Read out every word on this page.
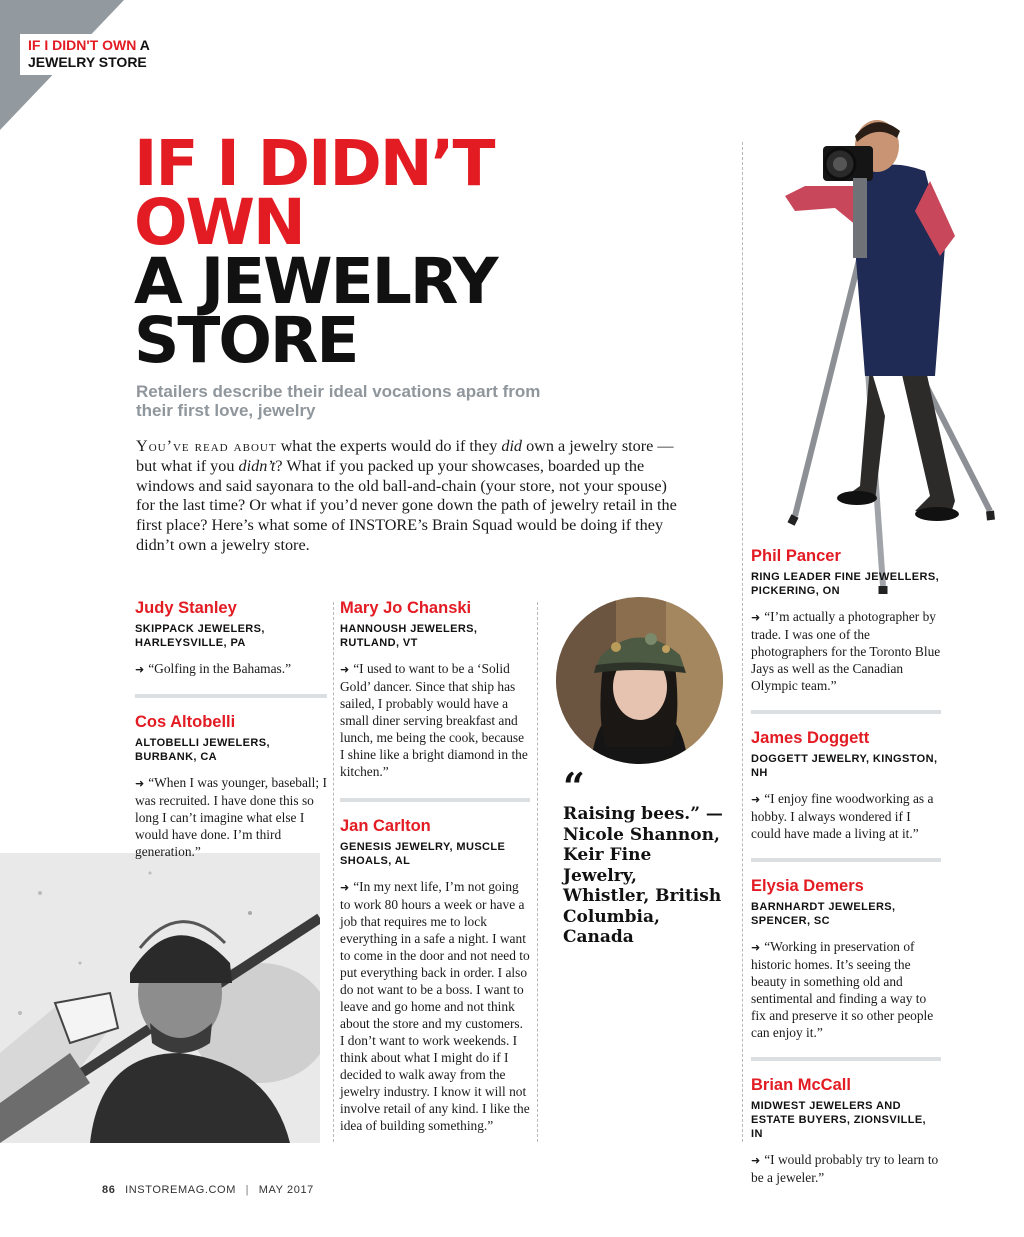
IF I DIDN'T OWN A
JEWELRY STORE
IF I DIDN’T
OWN
A JEWELRY
STORE
Retailers describe their ideal vocations apart from their first love, jewelry

You’ve read about what the experts would do if they did own a jewelry store — but what if you didn’t? What if you packed up your showcases, boarded up the windows and said sayonara to the old ball-and-chain (your store, not your spouse) for the last time? Or what if you’d never gone down the path of jewelry retail in the first place? Here’s what some of INSTORE’s Brain Squad would be doing if they didn’t own a jewelry store.

Judy Stanley
SKIPPACK JEWELERS, HARLEYSVILLE, PA
➜ “Golfing in the Bahamas.”
Cos Altobelli
ALTOBELLI JEWELERS, BURBANK, CA
➜ “When I was younger, baseball; I was recruited. I have done this so long I can’t imagine what else I would have done. I’m third generation.”
Mary Jo Chanski
HANNOUSH JEWELERS, RUTLAND, VT
➜ “I used to want to be a ‘Solid Gold’ dancer. Since that ship has sailed, I probably would have a small diner serving breakfast and lunch, me being the cook, because I shine like a bright diamond in the kitchen.”
Jan Carlton
GENESIS JEWELRY, MUSCLE SHOALS, AL
➜ “In my next life, I’m not going to work 80 hours a week or have a job that requires me to lock everything in a safe a night. I want to come in the door and not need to put everything back in order. I also do not want to be a boss. I want to leave and go home and not think about the store and my customers. I don’t want to work weekends. I think about what I might do if I decided to walk away from the jewelry industry. I know it will not involve retail of any kind. I like the idea of building something.”
“
Raising bees.” — Nicole Shannon, Keir Fine Jewelry, Whistler, British Columbia, Canada
Phil Pancer
RING LEADER FINE JEWELLERS, PICKERING, ON
➜ “I’m actually a photographer by trade. I was one of the photographers for the Toronto Blue Jays as well as the Canadian Olympic team.”
James Doggett
DOGGETT JEWELRY, KINGSTON, NH
➜ “I enjoy fine woodworking as a hobby. I always wondered if I could have made a living at it.”
Elysia Demers
BARNHARDT JEWELERS, SPENCER, SC
➜ “Working in preservation of historic homes. It’s seeing the beauty in something old and sentimental and finding a way to fix and preserve it so other people can enjoy it.”
Brian McCall
MIDWEST JEWELERS AND ESTATE BUYERS, ZIONSVILLE, IN
➜ “I would probably try to learn to be a jeweler.”
86 INSTOREMAG.COM | MAY 2017
